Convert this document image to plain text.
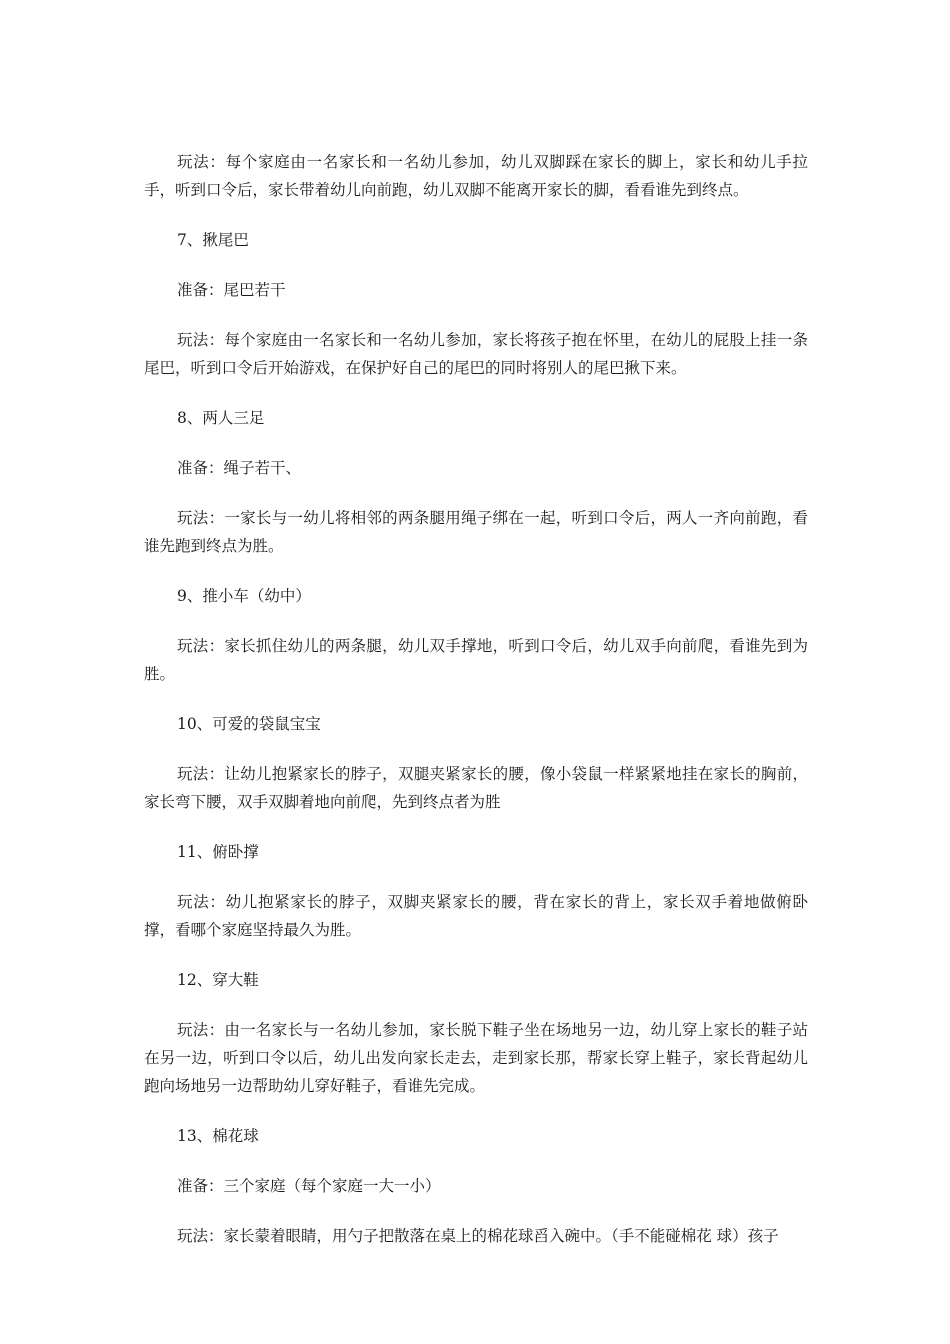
玩法：每个家庭由一名家长和一名幼儿参加，幼儿双脚踩在家长的脚上，家长和幼儿手拉手，听到口令后，家长带着幼儿向前跑，幼儿双脚不能离开家长的脚，看看谁先到终点。

7、揪尾巴

准备：尾巴若干

玩法：每个家庭由一名家长和一名幼儿参加，家长将孩子抱在怀里，在幼儿的屁股上挂一条尾巴，听到口令后开始游戏，在保护好自己的尾巴的同时将别人的尾巴揪下来。

8、两人三足

准备：绳子若干、

玩法：一家长与一幼儿将相邻的两条腿用绳子绑在一起，听到口令后，两人一齐向前跑，看谁先跑到终点为胜。

9、推小车（幼中）

玩法：家长抓住幼儿的两条腿，幼儿双手撑地，听到口令后，幼儿双手向前爬，看谁先到为胜。

10、可爱的袋鼠宝宝

玩法：让幼儿抱紧家长的脖子，双腿夹紧家长的腰，像小袋鼠一样紧紧地挂在家长的胸前，家长弯下腰，双手双脚着地向前爬，先到终点者为胜

11、俯卧撑

玩法：幼儿抱紧家长的脖子，双脚夹紧家长的腰，背在家长的背上，家长双手着地做俯卧撑，看哪个家庭坚持最久为胜。

12、穿大鞋

玩法：由一名家长与一名幼儿参加，家长脱下鞋子坐在场地另一边，幼儿穿上家长的鞋子站在另一边，听到口令以后，幼儿出发向家长走去，走到家长那，帮家长穿上鞋子，家长背起幼儿跑向场地另一边帮助幼儿穿好鞋子，看谁先完成。

13、棉花球

准备：三个家庭（每个家庭一大一小）

玩法：家长蒙着眼睛，用勺子把散落在桌上的棉花球舀入碗中。（手不能碰棉花 球）孩子
